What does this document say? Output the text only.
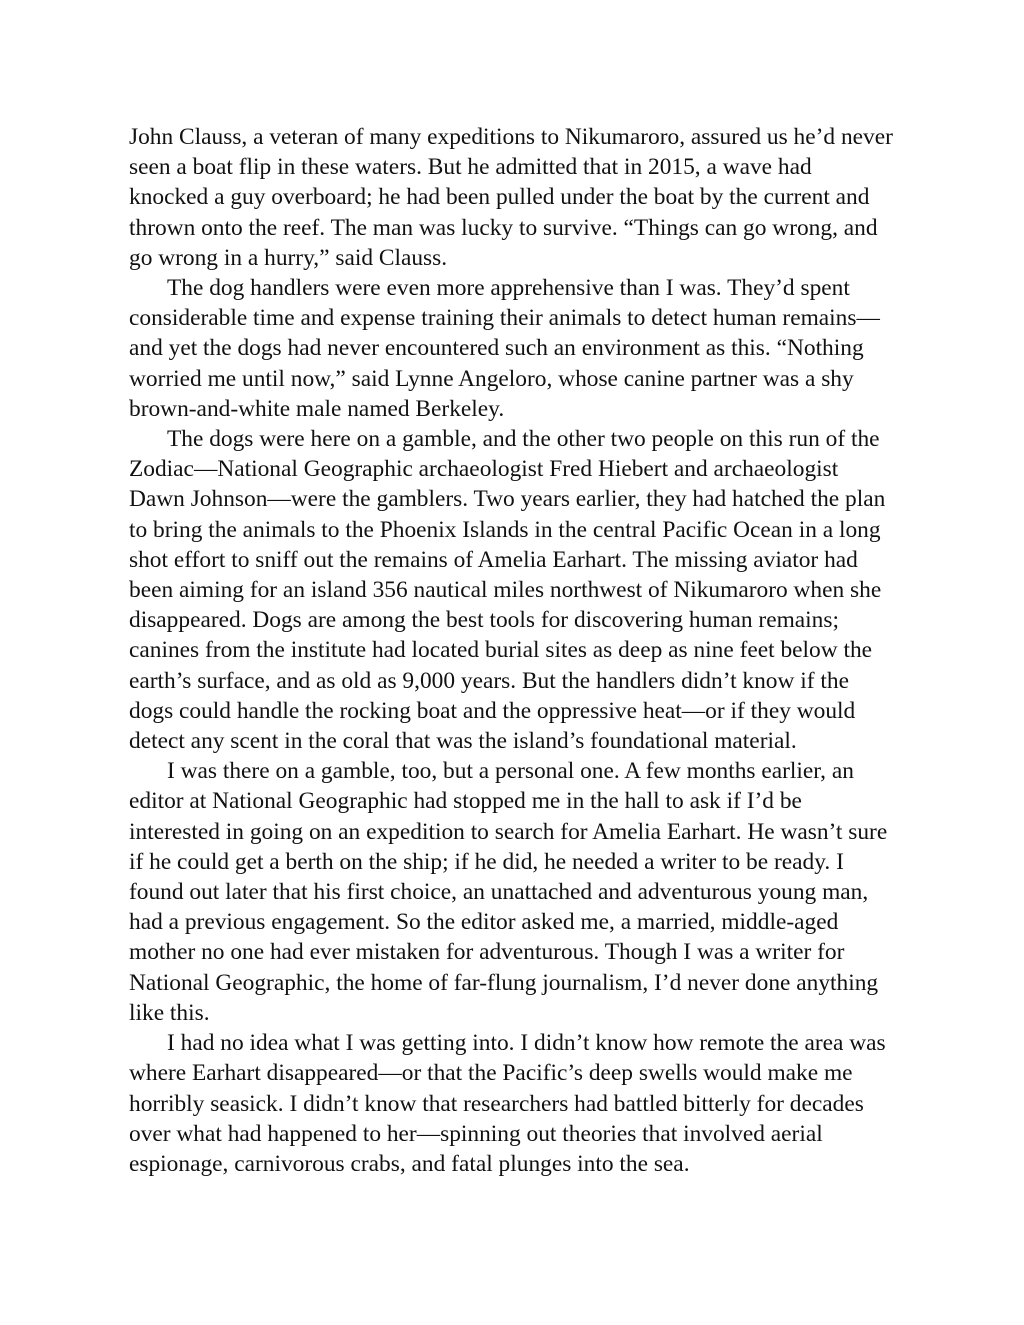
John Clauss, a veteran of many expeditions to Nikumaroro, assured us he’d never seen a boat flip in these waters. But he admitted that in 2015, a wave had knocked a guy overboard; he had been pulled under the boat by the current and thrown onto the reef. The man was lucky to survive. “Things can go wrong, and go wrong in a hurry,” said Clauss.

The dog handlers were even more apprehensive than I was. They’d spent considerable time and expense training their animals to detect human remains—and yet the dogs had never encountered such an environment as this. “Nothing worried me until now,” said Lynne Angeloro, whose canine partner was a shy brown-and-white male named Berkeley.

The dogs were here on a gamble, and the other two people on this run of the Zodiac—National Geographic archaeologist Fred Hiebert and archaeologist Dawn Johnson—were the gamblers. Two years earlier, they had hatched the plan to bring the animals to the Phoenix Islands in the central Pacific Ocean in a long shot effort to sniff out the remains of Amelia Earhart. The missing aviator had been aiming for an island 356 nautical miles northwest of Nikumaroro when she disappeared. Dogs are among the best tools for discovering human remains; canines from the institute had located burial sites as deep as nine feet below the earth’s surface, and as old as 9,000 years. But the handlers didn’t know if the dogs could handle the rocking boat and the oppressive heat—or if they would detect any scent in the coral that was the island’s foundational material.

I was there on a gamble, too, but a personal one. A few months earlier, an editor at National Geographic had stopped me in the hall to ask if I’d be interested in going on an expedition to search for Amelia Earhart. He wasn’t sure if he could get a berth on the ship; if he did, he needed a writer to be ready. I found out later that his first choice, an unattached and adventurous young man, had a previous engagement. So the editor asked me, a married, middle-aged mother no one had ever mistaken for adventurous. Though I was a writer for National Geographic, the home of far-flung journalism, I’d never done anything like this.

I had no idea what I was getting into. I didn’t know how remote the area was where Earhart disappeared—or that the Pacific’s deep swells would make me horribly seasick. I didn’t know that researchers had battled bitterly for decades over what had happened to her—spinning out theories that involved aerial espionage, carnivorous crabs, and fatal plunges into the sea.
